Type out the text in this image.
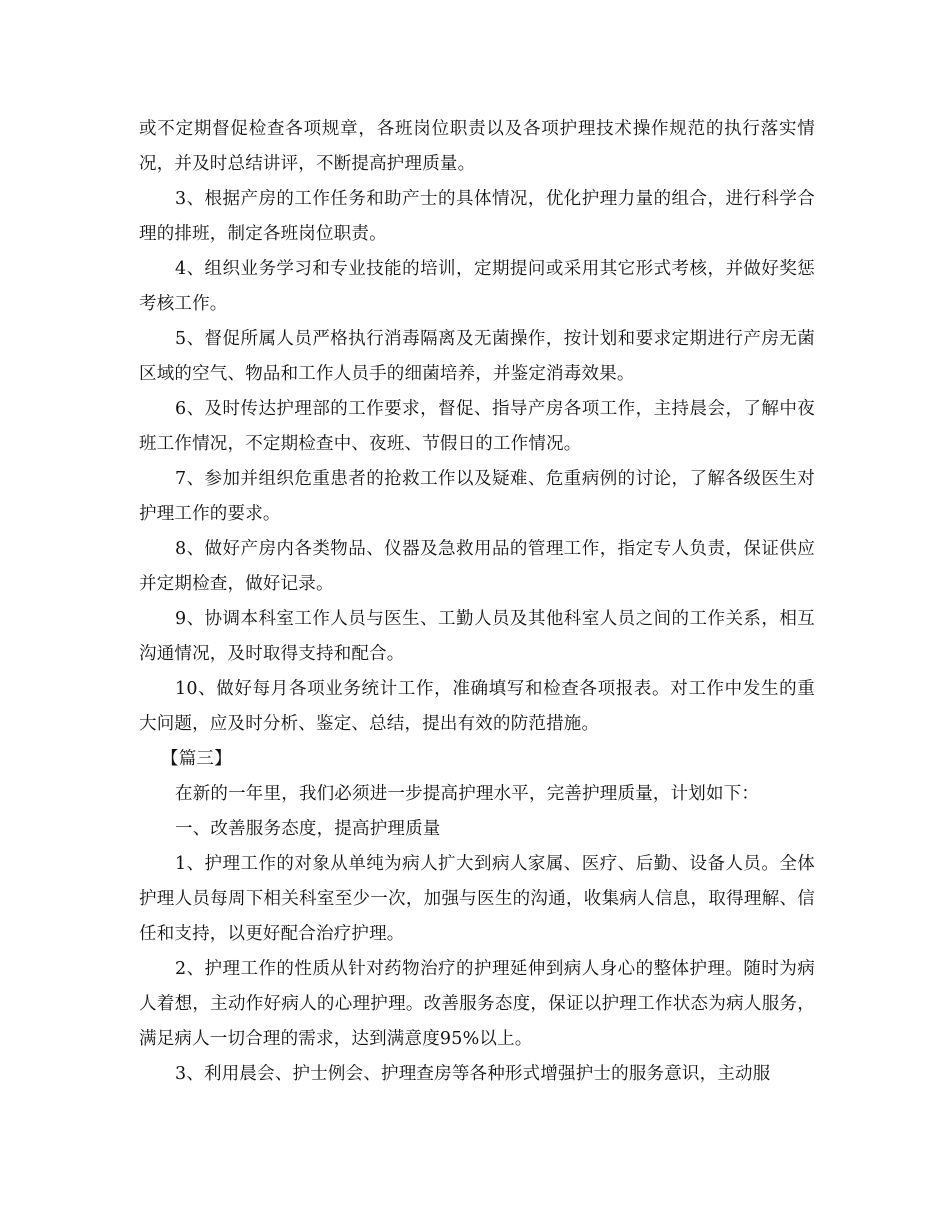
或不定期督促检查各项规章，各班岗位职责以及各项护理技术操作规范的执行落实情况，并及时总结讲评，不断提高护理质量。

3、根据产房的工作任务和助产士的具体情况，优化护理力量的组合，进行科学合理的排班，制定各班岗位职责。

4、组织业务学习和专业技能的培训，定期提问或采用其它形式考核，并做好奖惩考核工作。

5、督促所属人员严格执行消毒隔离及无菌操作，按计划和要求定期进行产房无菌区域的空气、物品和工作人员手的细菌培养，并鉴定消毒效果。

6、及时传达护理部的工作要求，督促、指导产房各项工作，主持晨会，了解中夜班工作情况，不定期检查中、夜班、节假日的工作情况。

7、参加并组织危重患者的抢救工作以及疑难、危重病例的讨论，了解各级医生对护理工作的要求。

8、做好产房内各类物品、仪器及急救用品的管理工作，指定专人负责，保证供应并定期检查，做好记录。

9、协调本科室工作人员与医生、工勤人员及其他科室人员之间的工作关系，相互沟通情况，及时取得支持和配合。

10、做好每月各项业务统计工作，准确填写和检查各项报表。对工作中发生的重大问题，应及时分析、鉴定、总结，提出有效的防范措施。

【篇三】

在新的一年里，我们必须进一步提高护理水平，完善护理质量，计划如下：

一、改善服务态度，提高护理质量

1、护理工作的对象从单纯为病人扩大到病人家属、医疗、后勤、设备人员。全体护理人员每周下相关科室至少一次，加强与医生的沟通，收集病人信息，取得理解、信任和支持，以更好配合治疗护理。

2、护理工作的性质从针对药物治疗的护理延伸到病人身心的整体护理。随时为病人着想，主动作好病人的心理护理。改善服务态度，保证以护理工作状态为病人服务，满足病人一切合理的需求，达到满意度95%以上。

3、利用晨会、护士例会、护理查房等各种形式增强护士的服务意识，主动服
